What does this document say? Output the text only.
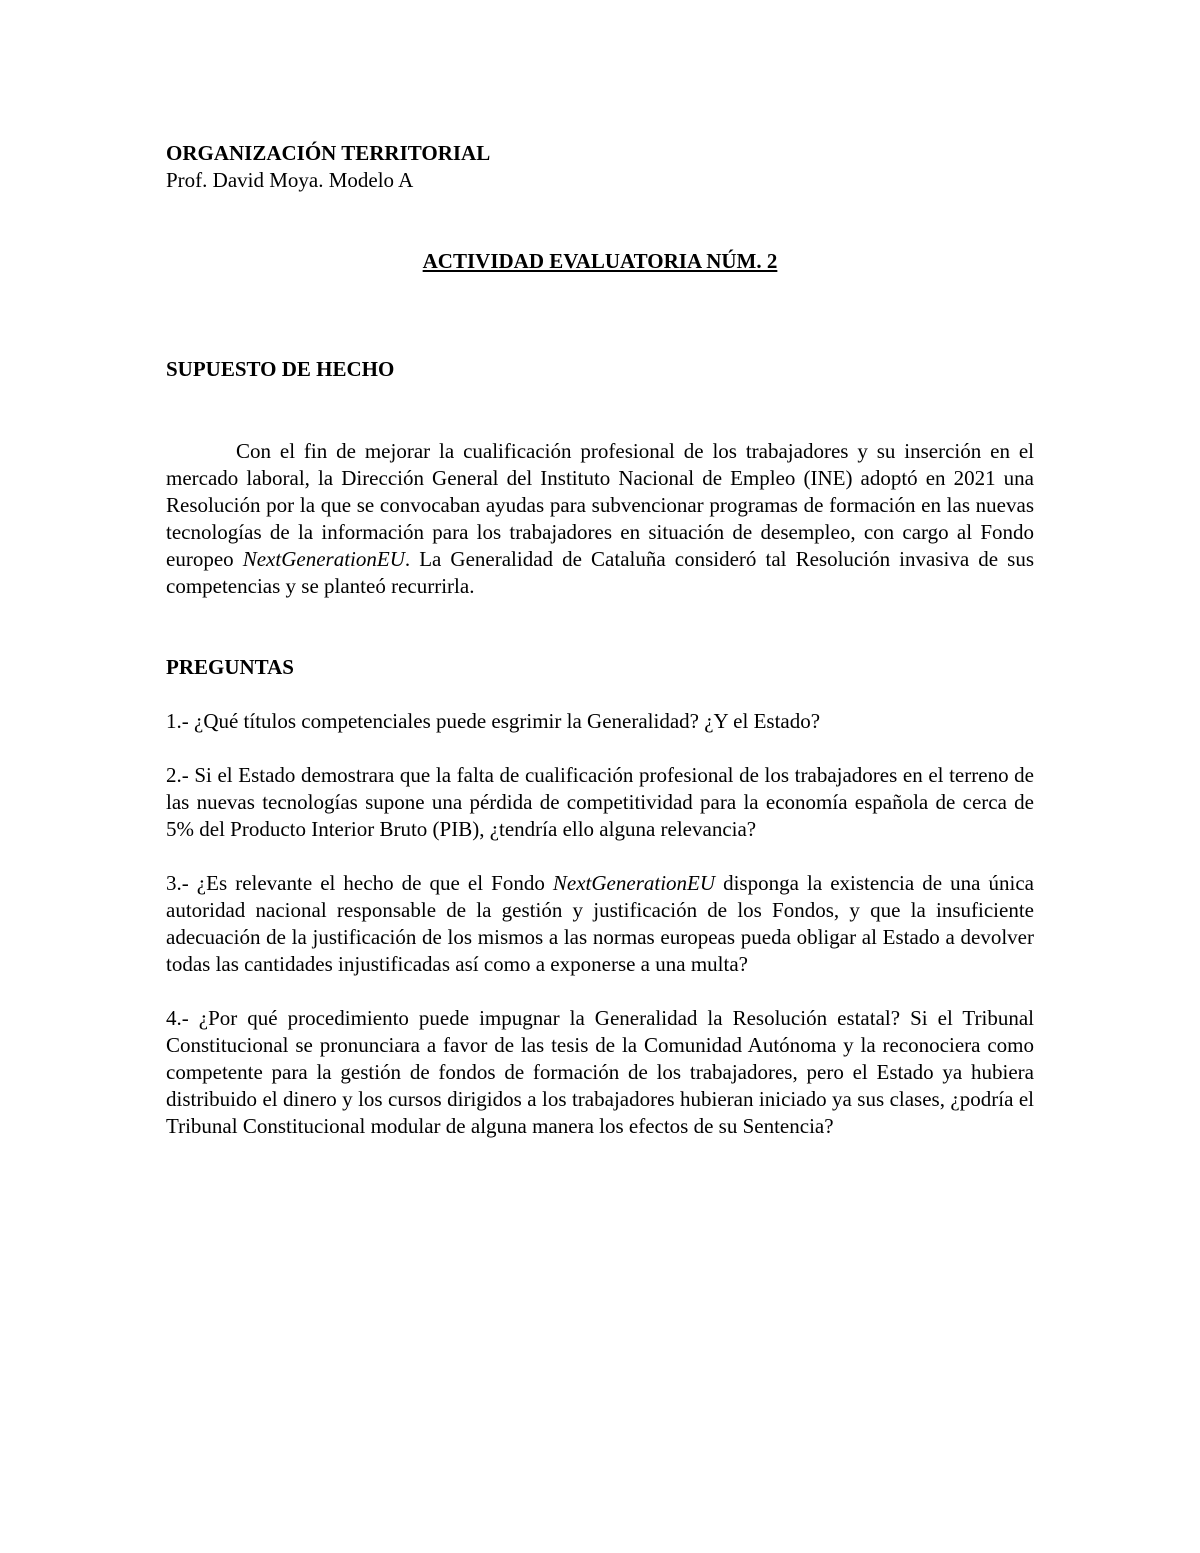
ORGANIZACIÓN TERRITORIAL

Prof. David Moya. Modelo A

ACTIVIDAD EVALUATORIA NÚM. 2

SUPUESTO DE HECHO

Con el fin de mejorar la cualificación profesional de los trabajadores y su inserción en el mercado laboral, la Dirección General del Instituto Nacional de Empleo (INE) adoptó en 2021 una Resolución por la que se convocaban ayudas para subvencionar programas de formación en las nuevas tecnologías de la información para los trabajadores en situación de desempleo, con cargo al Fondo europeo NextGenerationEU. La Generalidad de Cataluña consideró tal Resolución invasiva de sus competencias y se planteó recurrirla.

PREGUNTAS

1.- ¿Qué títulos competenciales puede esgrimir la Generalidad? ¿Y el Estado?

2.- Si el Estado demostrara que la falta de cualificación profesional de los trabajadores en el terreno de las nuevas tecnologías supone una pérdida de competitividad para la economía española de cerca de 5% del Producto Interior Bruto (PIB), ¿tendría ello alguna relevancia?

3.- ¿Es relevante el hecho de que el Fondo NextGenerationEU disponga la existencia de una única autoridad nacional responsable de la gestión y justificación de los Fondos, y que la insuficiente adecuación de la justificación de los mismos a las normas europeas pueda obligar al Estado a devolver todas las cantidades injustificadas así como a exponerse a una multa?

4.- ¿Por qué procedimiento puede impugnar la Generalidad la Resolución estatal? Si el Tribunal Constitucional se pronunciara a favor de las tesis de la Comunidad Autónoma y la reconociera como competente para la gestión de fondos de formación de los trabajadores, pero el Estado ya hubiera distribuido el dinero y los cursos dirigidos a los trabajadores hubieran iniciado ya sus clases, ¿podría el Tribunal Constitucional modular de alguna manera los efectos de su Sentencia?
